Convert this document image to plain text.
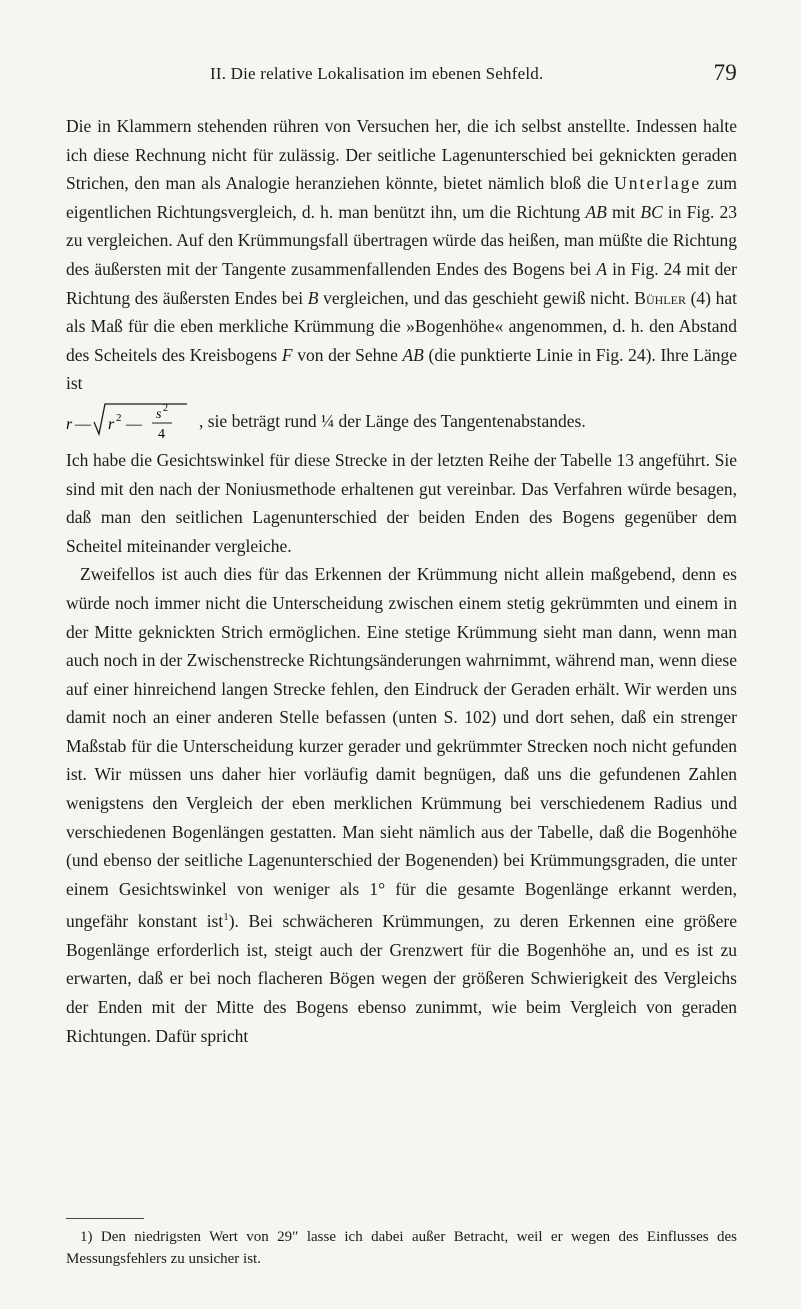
II. Die relative Lokalisation im ebenen Sehfeld.	79

Die in Klammern stehenden rühren von Versuchen her, die ich selbst anstellte. Indessen halte ich diese Rechnung nicht für zulässig. Der seitliche Lagenunterschied bei geknickten geraden Strichen, den man als Analogie heranziehen könnte, bietet nämlich bloß die Unterlage zum eigentlichen Richtungsvergleich, d. h. man benützt ihn, um die Richtung AB mit BC in Fig. 23 zu vergleichen. Auf den Krümmungsfall übertragen würde das heißen, man müßte die Richtung des äußersten mit der Tangente zusammenfallenden Endes des Bogens bei A in Fig. 24 mit der Richtung des äußersten Endes bei B vergleichen, und das geschieht gewiß nicht. Bühler (4) hat als Maß für die eben merkliche Krümmung die »Bogenhöhe« angenommen, d. h. den Abstand des Scheitels des Kreisbogens F von der Sehne AB (die punktierte Linie in Fig. 24). Ihre Länge ist

r — r 2 —
s 2
4
, sie beträgt rund ¼ der Länge des Tangentenabstandes.

Ich habe die Gesichtswinkel für diese Strecke in der letzten Reihe der Tabelle 13 angeführt. Sie sind mit den nach der Noniusmethode erhaltenen gut vereinbar. Das Verfahren würde besagen, daß man den seitlichen Lagenunterschied der beiden Enden des Bogens gegenüber dem Scheitel miteinander vergleiche.

Zweifellos ist auch dies für das Erkennen der Krümmung nicht allein maßgebend, denn es würde noch immer nicht die Unterscheidung zwischen einem stetig gekrümmten und einem in der Mitte geknickten Strich ermöglichen. Eine stetige Krümmung sieht man dann, wenn man auch noch in der Zwischenstrecke Richtungsänderungen wahrnimmt, während man, wenn diese auf einer hinreichend langen Strecke fehlen, den Eindruck der Geraden erhält. Wir werden uns damit noch an einer anderen Stelle befassen (unten S. 102) und dort sehen, daß ein strenger Maßstab für die Unterscheidung kurzer gerader und gekrümmter Strecken noch nicht gefunden ist. Wir müssen uns daher hier vorläufig damit begnügen, daß uns die gefundenen Zahlen wenigstens den Vergleich der eben merklichen Krümmung bei verschiedenem Radius und verschiedenen Bogenlängen gestatten. Man sieht nämlich aus der Tabelle, daß die Bogenhöhe (und ebenso der seitliche Lagenunterschied der Bogenenden) bei Krümmungsgraden, die unter einem Gesichtswinkel von weniger als 1° für die gesamte Bogenlänge erkannt werden, ungefähr konstant ist$^1$). Bei schwächeren Krümmungen, zu deren Erkennen eine größere Bogenlänge erforderlich ist, steigt auch der Grenzwert für die Bogenhöhe an, und es ist zu erwarten, daß er bei noch flacheren Bögen wegen der größeren Schwierigkeit des Vergleichs der Enden mit der Mitte des Bogens ebenso zunimmt, wie beim Vergleich von geraden Richtungen. Dafür spricht

1) Den niedrigsten Wert von 29″ lasse ich dabei außer Betracht, weil er wegen des Einflusses des Messungsfehlers zu unsicher ist.
